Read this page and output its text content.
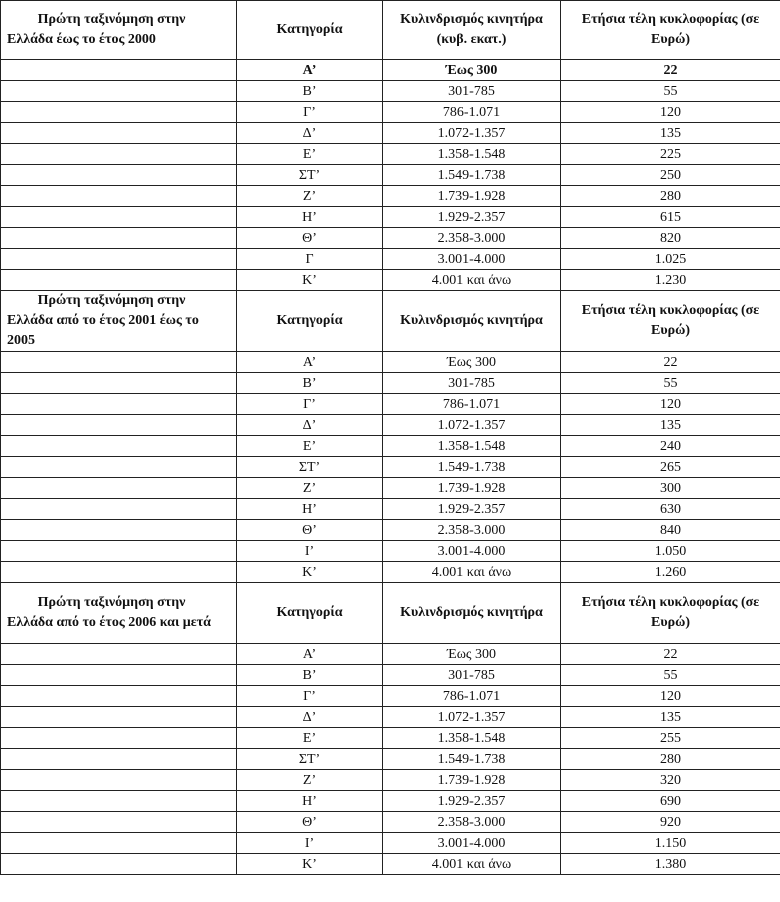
Πρώτη ταξινόμηση στην
Ελλάδα έως το έτος 2000	Κατηγορία	Κυλινδρισμός κινητήρα (κυβ. εκατ.)	Ετήσια τέλη κυκλοφορίας (σε Ευρώ)
	Α’	Έως 300	22
	Β’	301-785	55
	Γ’	786-1.071	120
	Δ’	1.072-1.357	135
	Ε’	1.358-1.548	225
	ΣΤ’	1.549-1.738	250
	Ζ’	1.739-1.928	280
	Η’	1.929-2.357	615
	Θ’	2.358-3.000	820
	Γ	3.001-4.000	1.025
	Κ’	4.001 και άνω	1.230

Πρώτη ταξινόμηση στην
Ελλάδα από το έτος 2001 έως το 2005	Κατηγορία	Κυλινδρισμός κινητήρα	Ετήσια τέλη κυκλοφορίας (σε Ευρώ)
	Α’	Έως 300	22
	Β’	301-785	55
	Γ’	786-1.071	120
	Δ’	1.072-1.357	135
	Ε’	1.358-1.548	240
	ΣΤ’	1.549-1.738	265
	Ζ’	1.739-1.928	300
	Η’	1.929-2.357	630
	Θ’	2.358-3.000	840
	Ι’	3.001-4.000	1.050
	Κ’	4.001 και άνω	1.260

Πρώτη ταξινόμηση στην
Ελλάδα από το έτος 2006 και μετά	Κατηγορία	Κυλινδρισμός κινητήρα	Ετήσια τέλη κυκλοφορίας (σε Ευρώ)
	Α’	Έως 300	22
	Β’	301-785	55
	Γ’	786-1.071	120
	Δ’	1.072-1.357	135
	Ε’	1.358-1.548	255
	ΣΤ’	1.549-1.738	280
	Ζ’	1.739-1.928	320
	Η’	1.929-2.357	690
	Θ’	2.358-3.000	920
	Ι’	3.001-4.000	1.150
	Κ’	4.001 και άνω	1.380
